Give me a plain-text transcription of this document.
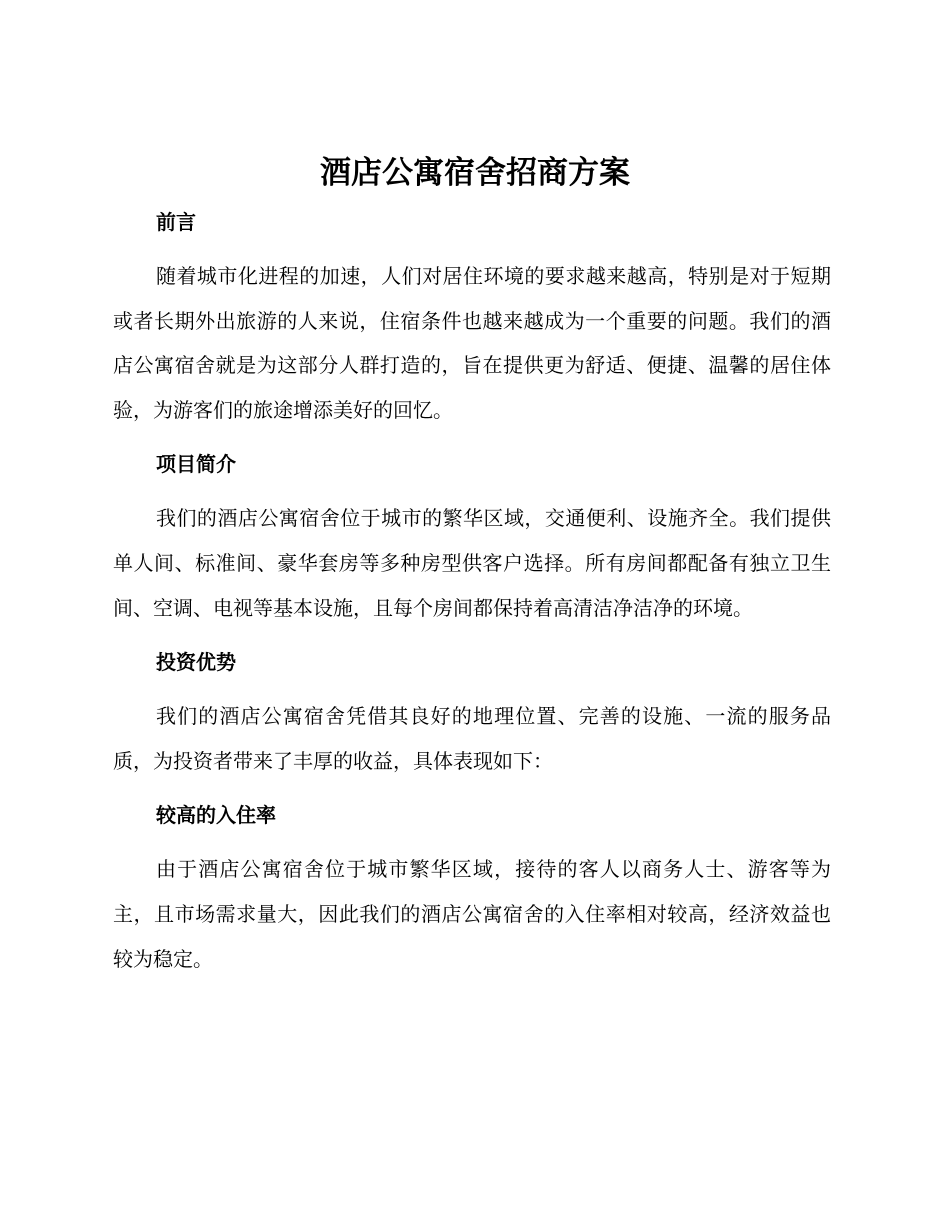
酒店公寓宿舍招商方案
前言

随着城市化进程的加速，人们对居住环境的要求越来越高，特别是对于短期或者长期外出旅游的人来说，住宿条件也越来越成为一个重要的问题。我们的酒店公寓宿舍就是为这部分人群打造的，旨在提供更为舒适、便捷、温馨的居住体验，为游客们的旅途增添美好的回忆。

项目简介

我们的酒店公寓宿舍位于城市的繁华区域，交通便利、设施齐全。我们提供单人间、标准间、豪华套房等多种房型供客户选择。所有房间都配备有独立卫生间、空调、电视等基本设施，且每个房间都保持着高清洁净洁净的环境。

投资优势

我们的酒店公寓宿舍凭借其良好的地理位置、完善的设施、一流的服务品质，为投资者带来了丰厚的收益，具体表现如下：

较高的入住率

由于酒店公寓宿舍位于城市繁华区域，接待的客人以商务人士、游客等为主，且市场需求量大，因此我们的酒店公寓宿舍的入住率相对较高，经济效益也较为稳定。
